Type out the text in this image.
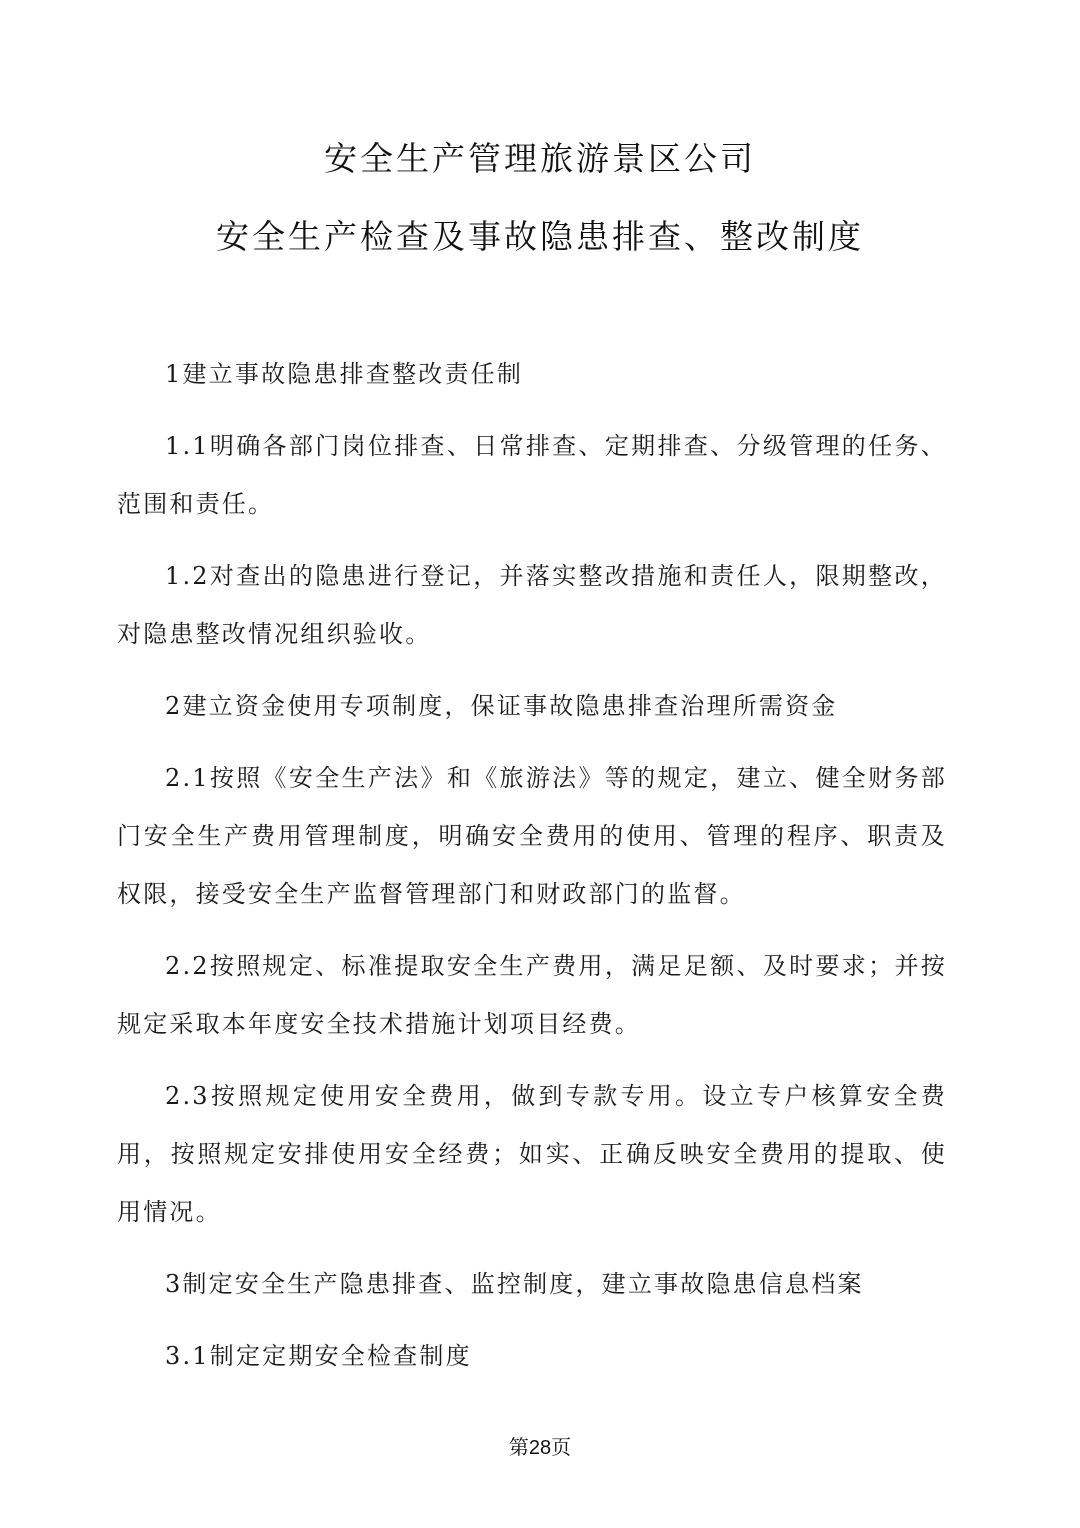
安全生产管理旅游景区公司
安全生产检查及事故隐患排查、整改制度

1建立事故隐患排查整改责任制

1.1明确各部门岗位排查、日常排查、定期排查、分级管理的任务、范围和责任。

1.2对查出的隐患进行登记，并落实整改措施和责任人，限期整改，对隐患整改情况组织验收。

2建立资金使用专项制度，保证事故隐患排查治理所需资金

2.1按照《安全生产法》和《旅游法》等的规定，建立、健全财务部门安全生产费用管理制度，明确安全费用的使用、管理的程序、职责及权限，接受安全生产监督管理部门和财政部门的监督。

2.2按照规定、标准提取安全生产费用，满足足额、及时要求；并按规定采取本年度安全技术措施计划项目经费。

2.3按照规定使用安全费用，做到专款专用。设立专户核算安全费用，按照规定安排使用安全经费；如实、正确反映安全费用的提取、使用情况。

3制定安全生产隐患排查、监控制度，建立事故隐患信息档案

3.1制定定期安全检查制度

第28页
